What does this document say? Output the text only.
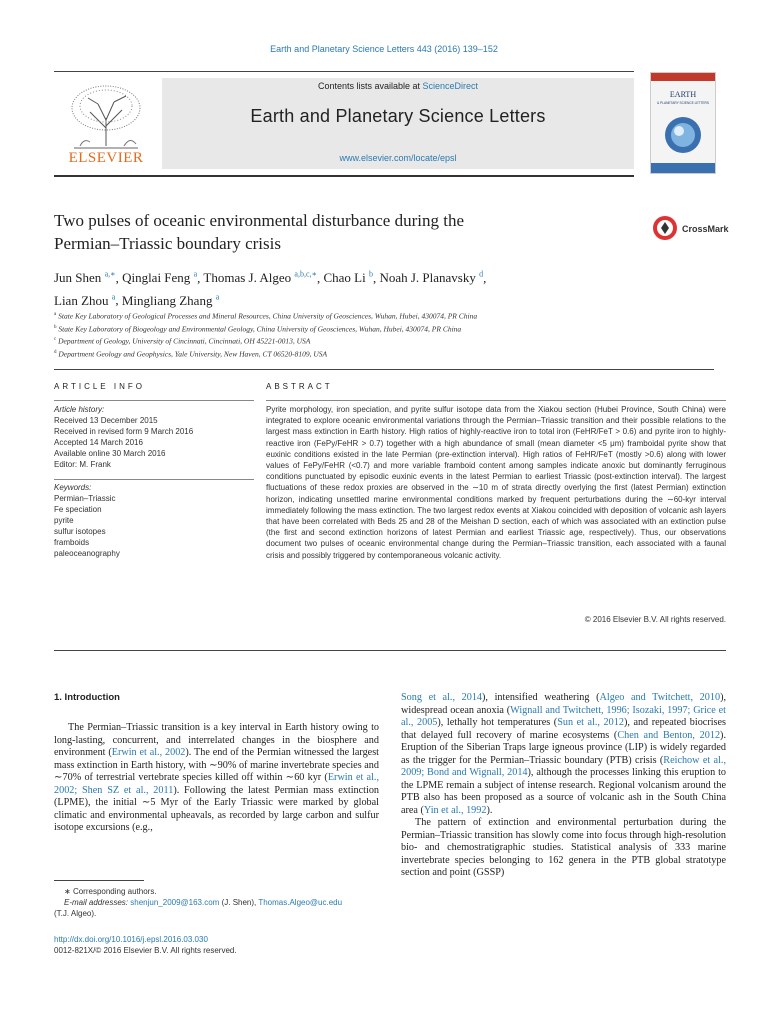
Earth and Planetary Science Letters 443 (2016) 139–152
ELSEVIER
Contents lists available at ScienceDirect
Earth and Planetary Science Letters
www.elsevier.com/locate/epsl
EARTH
& PLANETARY SCIENCE LETTERS
Two pulses of oceanic environmental disturbance during the
Permian–Triassic boundary crisis
CrossMark
Jun Shen $^{a,∗}$, Qinglai Feng $^a$, Thomas J. Algeo $^{a,b,c,∗}$, Chao Li $^b$, Noah J. Planavsky $^d$,
Lian Zhou $^a$, Mingliang Zhang $^a$
$^a$ State Key Laboratory of Geological Processes and Mineral Resources, China University of Geosciences, Wuhan, Hubei, 430074, PR China
$^b$ State Key Laboratory of Biogeology and Environmental Geology, China University of Geosciences, Wuhan, Hubei, 430074, PR China
$^c$ Department of Geology, University of Cincinnati, Cincinnati, OH 45221-0013, USA
$^d$ Department Geology and Geophysics, Yale University, New Haven, CT 06520-8109, USA
ARTICLE INFO	ABSTRACT
Article history:
Received 13 December 2015
Received in revised form 9 March 2016
Accepted 14 March 2016
Available online 30 March 2016
Editor: M. Frank
Keywords:
Permian–Triassic
Fe speciation
pyrite
sulfur isotopes
framboids
paleoceanography
Pyrite morphology, iron speciation, and pyrite sulfur isotope data from the Xiakou section (Hubei Province, South China) were integrated to explore oceanic environmental variations through the Permian–Triassic transition and their possible relations to the largest mass extinction in Earth history. High ratios of highly-reactive iron to total iron (FeHR/FeT > 0.6) and pyrite iron to highly-reactive iron (FePy/FeHR > 0.7) together with a high abundance of small (mean diameter <5 μm) framboidal pyrite show that euxinic conditions existed in the late Permian (pre-extinction interval). High ratios of FeHR/FeT (mostly >0.6) along with lower values of FePy/FeHR (<0.7) and more variable framboid content among samples indicate anoxic but dominantly ferruginous conditions punctuated by episodic euxinic events in the latest Permian to earliest Triassic (post-extinction interval). The largest fluctuations of these redox proxies are observed in the ∼10 m of strata directly overlying the first (latest Permian) extinction horizon, indicating unsettled marine environmental conditions marked by frequent perturbations during the ∼60-kyr interval immediately following the mass extinction. The two largest redox events at Xiakou coincided with deposition of volcanic ash layers that have been correlated with Beds 25 and 28 of the Meishan D section, each of which was associated with an extinction pulse (the first and second extinction horizons of latest Permian and earliest Triassic age, respectively). Thus, our observations document two pulses of oceanic environmental change during the Permian–Triassic transition, each associated with a faunal crisis and possibly triggered by contemporaneous volcanic activity.
© 2016 Elsevier B.V. All rights reserved.
1. Introduction
The Permian–Triassic transition is a key interval in Earth history owing to long-lasting, concurrent, and interrelated changes in the biosphere and environment (Erwin et al., 2002). The end of the Permian witnessed the largest mass extinction in Earth history, with ∼90% of marine invertebrate species and ∼70% of terrestrial vertebrate species killed off within ∼60 kyr (Erwin et al., 2002; Shen SZ et al., 2011). Following the latest Permian mass extinction (LPME), the initial ∼5 Myr of the Early Triassic were marked by global climatic and environmental upheavals, as recorded by large carbon and sulfur isotope excursions (e.g.,

Song et al., 2014), intensified weathering (Algeo and Twitchett, 2010), widespread ocean anoxia (Wignall and Twitchett, 1996; Isozaki, 1997; Grice et al., 2005), lethally hot temperatures (Sun et al., 2012), and repeated biocrises that delayed full recovery of marine ecosystems (Chen and Benton, 2012). Eruption of the Siberian Traps large igneous province (LIP) is widely regarded as the trigger for the Permian–Triassic boundary (PTB) crisis (Reichow et al., 2009; Bond and Wignall, 2014), although the processes linking this eruption to the LPME remain a subject of intense research. Regional volcanism around the PTB also has been proposed as a source of volcanic ash in the South China area (Yin et al., 1992).

The pattern of extinction and environmental perturbation during the Permian–Triassic transition has slowly come into focus through high-resolution bio- and chemostratigraphic studies. Statistical analysis of 333 marine invertebrate species belonging to 162 genera in the PTB global stratotype section and point (GSSP)

∗ Corresponding authors.
E-mail addresses: shenjun_2009@163.com (J. Shen), Thomas.Algeo@uc.edu
(T.J. Algeo).
http://dx.doi.org/10.1016/j.epsl.2016.03.030
0012-821X/© 2016 Elsevier B.V. All rights reserved.
